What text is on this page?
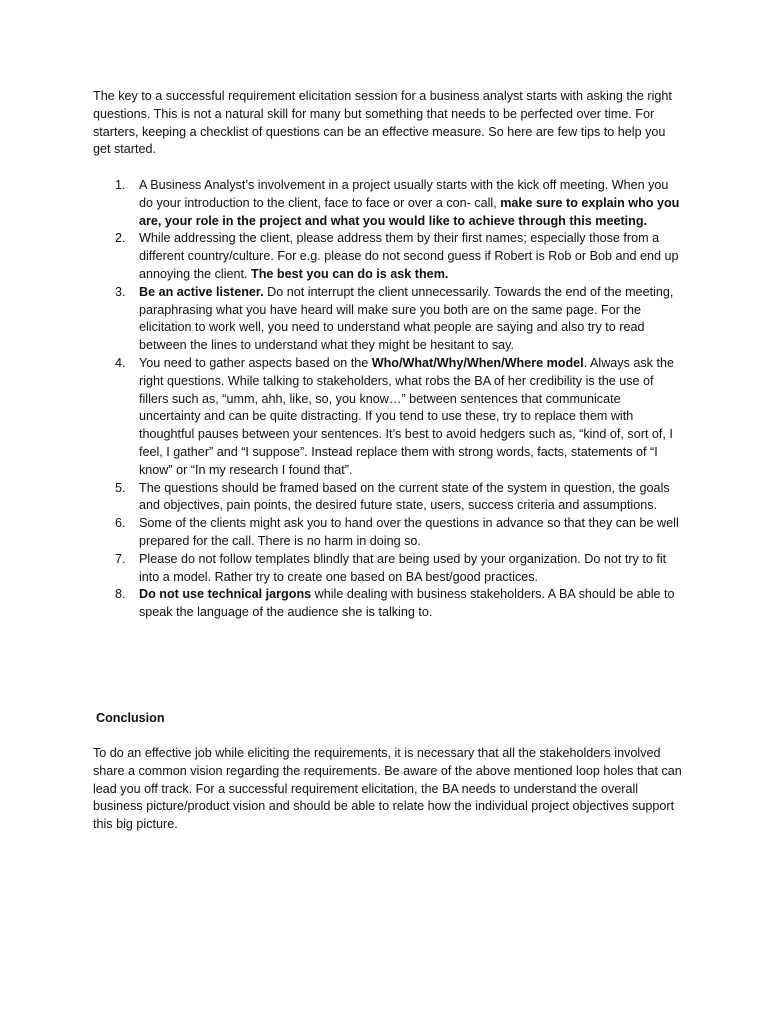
The key to a successful requirement elicitation session for a business analyst starts with asking the right questions. This is not a natural skill for many but something that needs to be perfected over time. For starters, keeping a checklist of questions can be an effective measure. So here are few tips to help you get started.

1. A Business Analyst’s involvement in a project usually starts with the kick off meeting. When you do your introduction to the client, face to face or over a con- call, make sure to explain who you are, your role in the project and what you would like to achieve through this meeting.
2. While addressing the client, please address them by their first names; especially those from a different country/culture. For e.g. please do not second guess if Robert is Rob or Bob and end up annoying the client. The best you can do is ask them.
3. Be an active listener. Do not interrupt the client unnecessarily. Towards the end of the meeting, paraphrasing what you have heard will make sure you both are on the same page. For the elicitation to work well, you need to understand what people are saying and also try to read between the lines to understand what they might be hesitant to say.
4. You need to gather aspects based on the Who/What/Why/When/Where model. Always ask the right questions. While talking to stakeholders, what robs the BA of her credibility is the use of fillers such as, “umm, ahh, like, so, you know…” between sentences that communicate uncertainty and can be quite distracting. If you tend to use these, try to replace them with thoughtful pauses between your sentences. It’s best to avoid hedgers such as, “kind of, sort of, I feel, I gather” and “I suppose”. Instead replace them with strong words, facts, statements of “I know” or “In my research I found that”.
5. The questions should be framed based on the current state of the system in question, the goals and objectives, pain points, the desired future state, users, success criteria and assumptions.
6. Some of the clients might ask you to hand over the questions in advance so that they can be well prepared for the call. There is no harm in doing so.
7. Please do not follow templates blindly that are being used by your organization. Do not try to fit into a model. Rather try to create one based on BA best/good practices.
8. Do not use technical jargons while dealing with business stakeholders. A BA should be able to speak the language of the audience she is talking to.
Conclusion

To do an effective job while eliciting the requirements, it is necessary that all the stakeholders involved share a common vision regarding the requirements. Be aware of the above mentioned loop holes that can lead you off track. For a successful requirement elicitation, the BA needs to understand the overall business picture/product vision and should be able to relate how the individual project objectives support this big picture.
